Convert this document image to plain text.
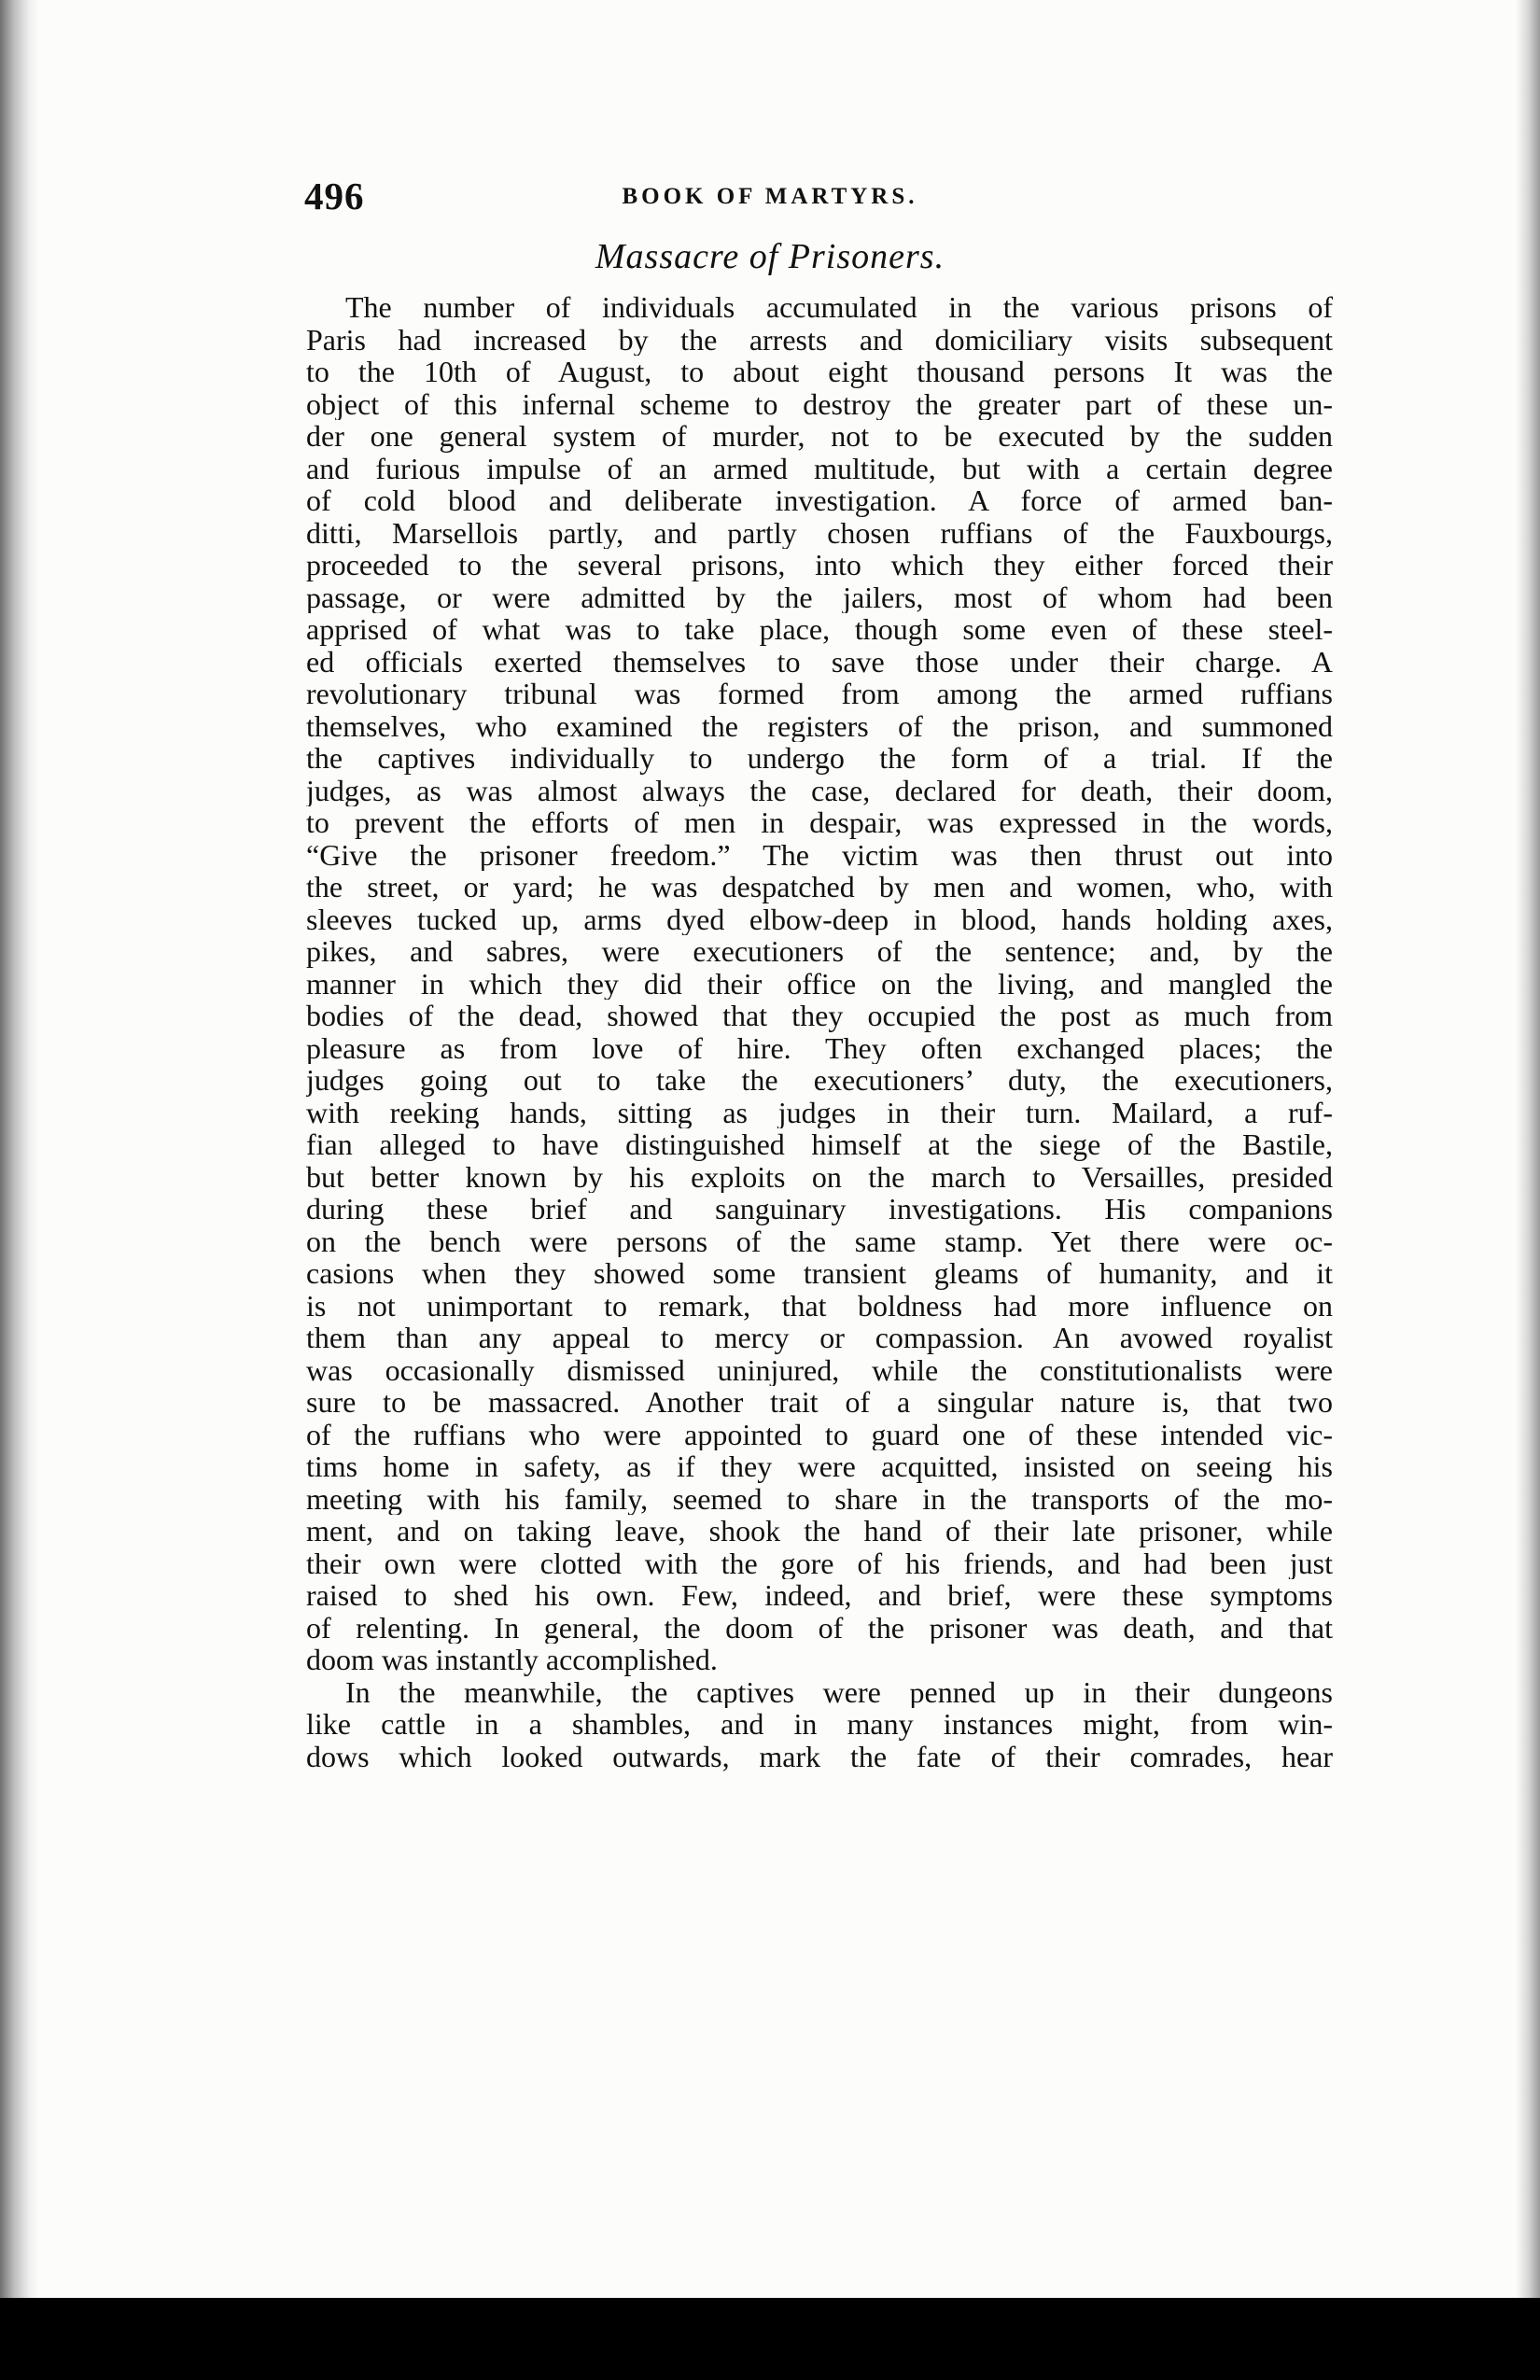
496	BOOK OF MARTYRS.
Massacre of Prisoners.
The number of individuals accumulated in the various prisons of
Paris had increased by the arrests and domiciliary visits subsequent
to the 10th of August, to about eight thousand persons It was the
object of this infernal scheme to destroy the greater part of these un-
der one general system of murder, not to be executed by the sudden
and furious impulse of an armed multitude, but with a certain degree
of cold blood and deliberate investigation. A force of armed ban-
ditti, Marsellois partly, and partly chosen ruffians of the Fauxbourgs,
proceeded to the several prisons, into which they either forced their
passage, or were admitted by the jailers, most of whom had been
apprised of what was to take place, though some even of these steel-
ed officials exerted themselves to save those under their charge. A
revolutionary tribunal was formed from among the armed ruffians
themselves, who examined the registers of the prison, and summoned
the captives individually to undergo the form of a trial. If the
judges, as was almost always the case, declared for death, their doom,
to prevent the efforts of men in despair, was expressed in the words,
“Give the prisoner freedom.” The victim was then thrust out into
the street, or yard; he was despatched by men and women, who, with
sleeves tucked up, arms dyed elbow-deep in blood, hands holding axes,
pikes, and sabres, were executioners of the sentence; and, by the
manner in which they did their office on the living, and mangled the
bodies of the dead, showed that they occupied the post as much from
pleasure as from love of hire. They often exchanged places; the
judges going out to take the executioners’ duty, the executioners,
with reeking hands, sitting as judges in their turn. Mailard, a ruf-
fian alleged to have distinguished himself at the siege of the Bastile,
but better known by his exploits on the march to Versailles, presided
during these brief and sanguinary investigations. His companions
on the bench were persons of the same stamp. Yet there were oc-
casions when they showed some transient gleams of humanity, and it
is not unimportant to remark, that boldness had more influence on
them than any appeal to mercy or compassion. An avowed royalist
was occasionally dismissed uninjured, while the constitutionalists were
sure to be massacred. Another trait of a singular nature is, that two
of the ruffians who were appointed to guard one of these intended vic-
tims home in safety, as if they were acquitted, insisted on seeing his
meeting with his family, seemed to share in the transports of the mo-
ment, and on taking leave, shook the hand of their late prisoner, while
their own were clotted with the gore of his friends, and had been just
raised to shed his own. Few, indeed, and brief, were these symptoms
of relenting. In general, the doom of the prisoner was death, and that
doom was instantly accomplished.
In the meanwhile, the captives were penned up in their dungeons
like cattle in a shambles, and in many instances might, from win-
dows which looked outwards, mark the fate of their comrades, hear
